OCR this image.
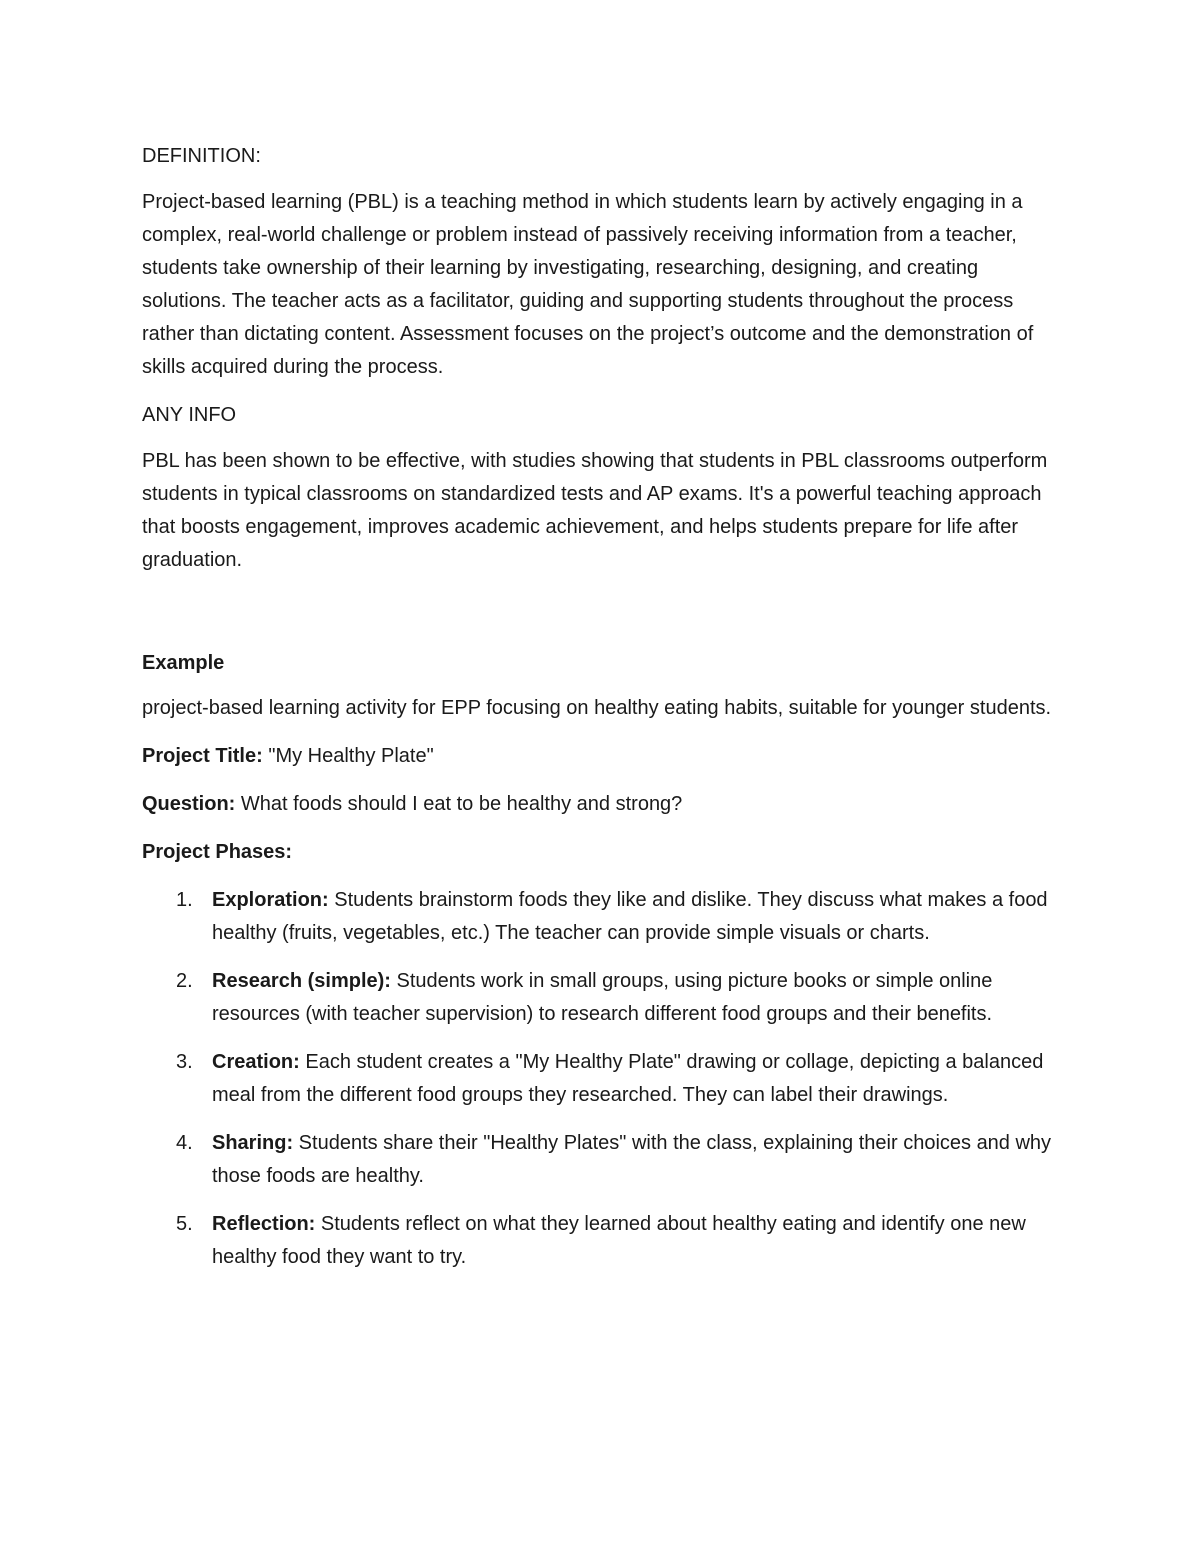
DEFINITION:

Project-based learning (PBL) is a teaching method in which students learn by actively engaging in a complex, real-world challenge or problem instead of passively receiving information from a teacher, students take ownership of their learning by investigating, researching, designing, and creating solutions. The teacher acts as a facilitator, guiding and supporting students throughout the process rather than dictating content. Assessment focuses on the project’s outcome and the demonstration of skills acquired during the process.

ANY INFO

PBL has been shown to be effective, with studies showing that students in PBL classrooms outperform students in typical classrooms on standardized tests and AP exams. It's a powerful teaching approach that boosts engagement, improves academic achievement, and helps students prepare for life after graduation.

Example

project-based learning activity for EPP focusing on healthy eating habits, suitable for younger students.

Project Title: "My Healthy Plate"

Question: What foods should I eat to be healthy and strong?

Project Phases:

1. Exploration: Students brainstorm foods they like and dislike. They discuss what makes a food healthy (fruits, vegetables, etc.) The teacher can provide simple visuals or charts.
2. Research (simple): Students work in small groups, using picture books or simple online resources (with teacher supervision) to research different food groups and their benefits.
3. Creation: Each student creates a "My Healthy Plate" drawing or collage, depicting a balanced meal from the different food groups they researched. They can label their drawings.
4. Sharing: Students share their "Healthy Plates" with the class, explaining their choices and why those foods are healthy.
5. Reflection: Students reflect on what they learned about healthy eating and identify one new healthy food they want to try.
